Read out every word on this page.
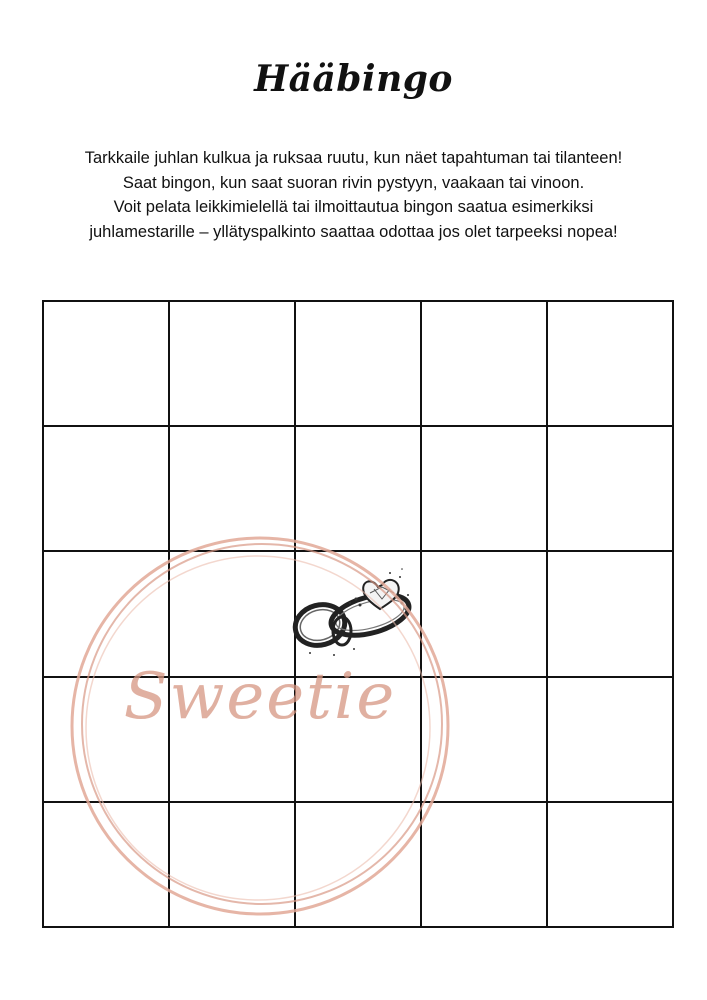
Hääbingo
Tarkkaile juhlan kulkua ja ruksaa ruutu, kun näet tapahtuman tai tilanteen!
Saat bingon, kun saat suoran rivin pystyyn, vaakaan tai vinoon.
Voit pelata leikkimielellä tai ilmoittautua bingon saatua esimerkiksi
juhlamestarille – yllätyspalkinto saattaa odottaa jos olet tarpeeksi nopea!

Sweetie
